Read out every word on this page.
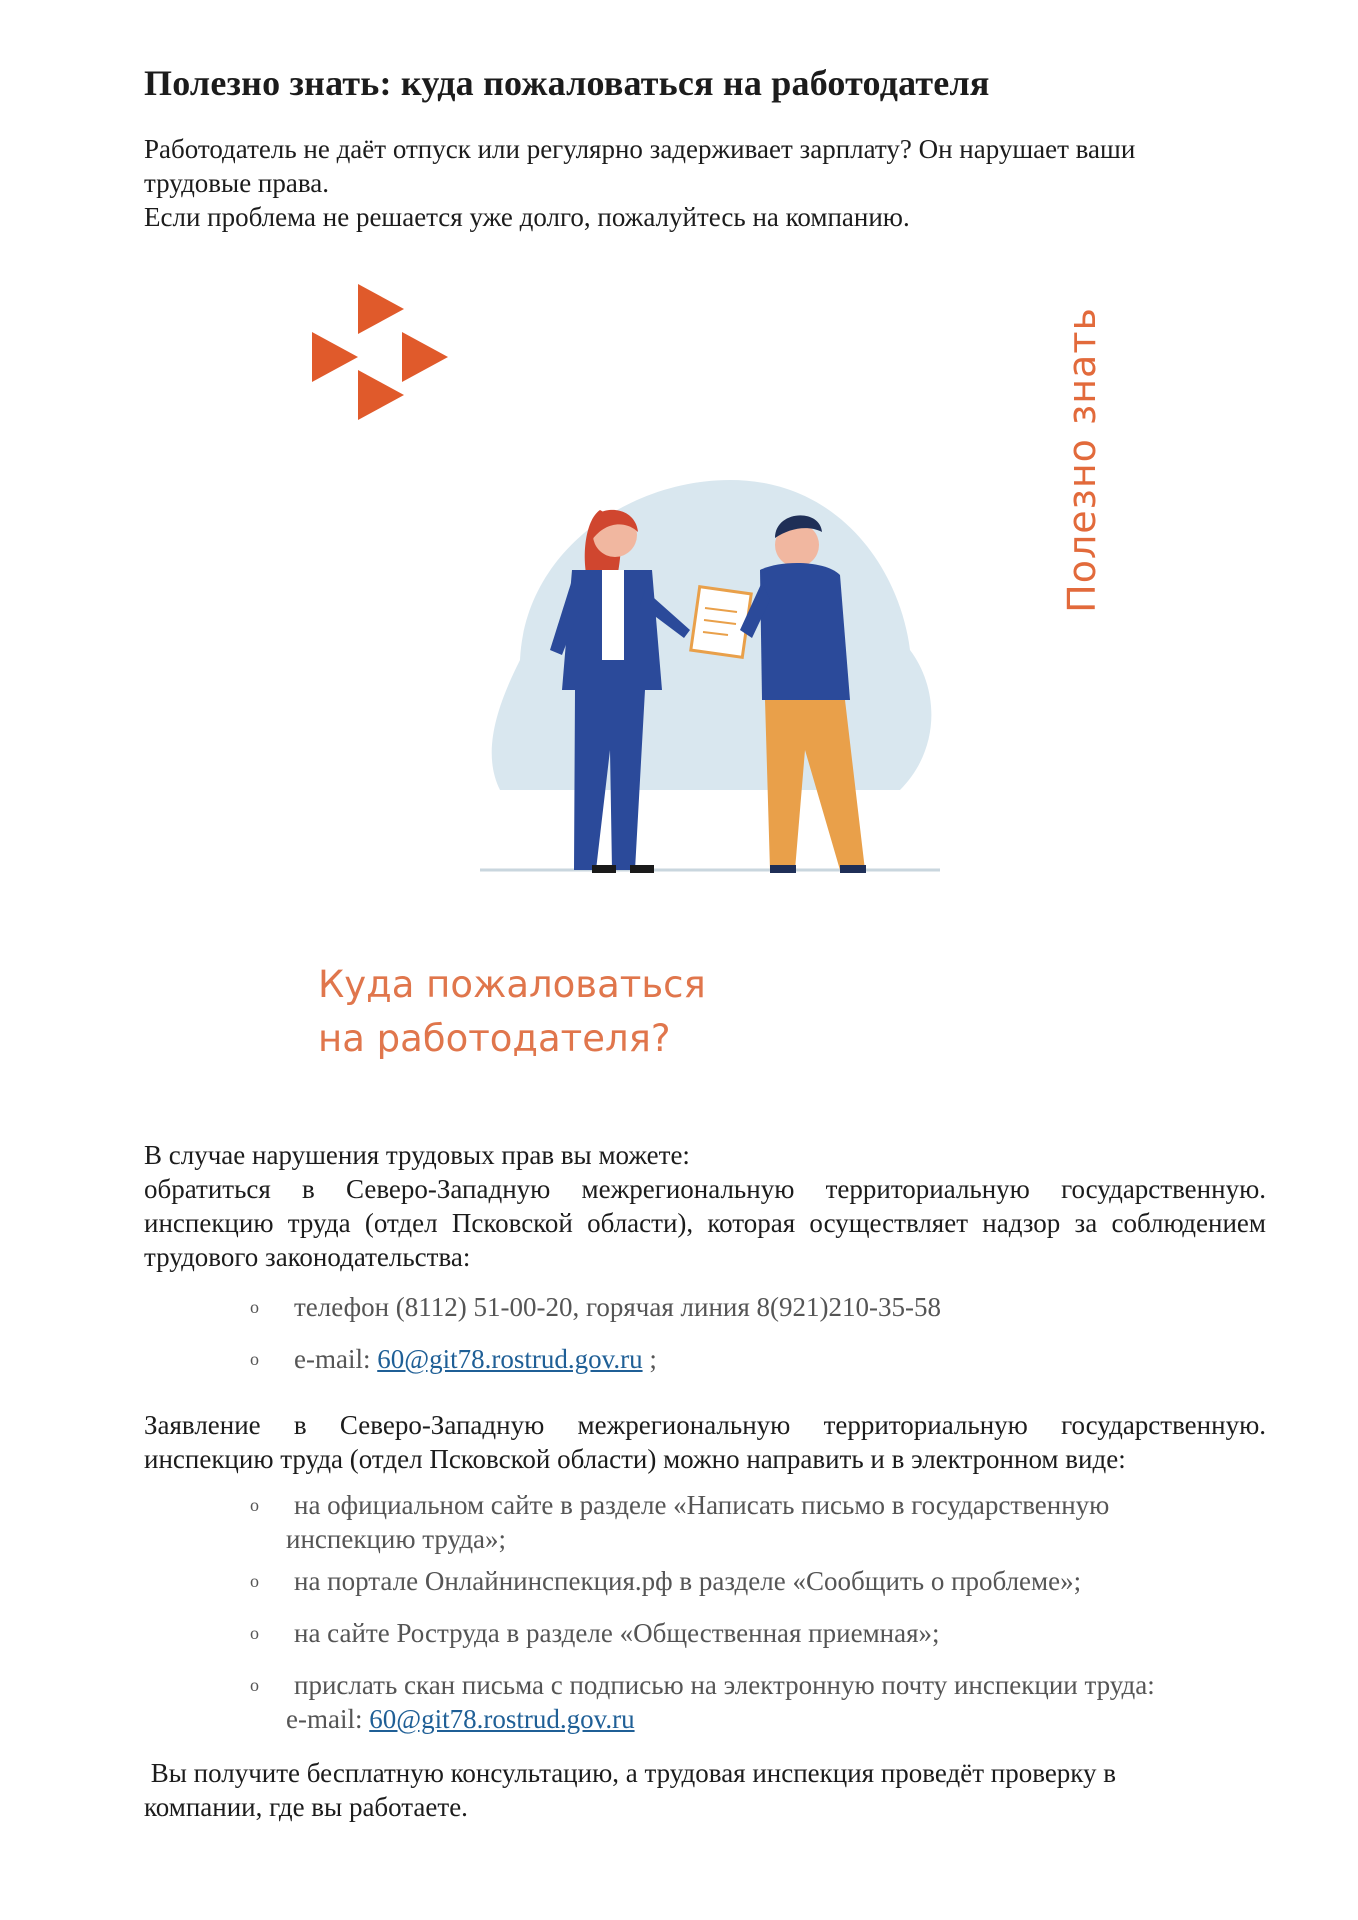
Полезно знать: куда пожаловаться на работодателя

Работодатель не даёт отпуск или регулярно задерживает зарплату? Он нарушает ваши

трудовые права.

Если проблема не решается уже долго, пожалуйтесь на компанию.

Полезно знать
Куда пожаловаться
на работодателя?

В случае нарушения трудовых прав вы можете:

обратиться в Северо-Западную межрегиональную территориальную государственную. инспекцию труда (отдел Псковской области), которая осуществляет надзор за соблюдением трудового законодательства:

o телефон (8112) 51-00-20, горячая линия 8(921)210-35-58
o e-mail: 60@git78.rostrud.gov.ru ;

Заявление в Северо-Западную межрегиональную территориальную государственную. инспекцию труда (отдел Псковской области) можно направить и в электронном виде:

o на официальном сайте в разделе «Написать письмо в государственную
инспекцию труда»;
o на портале Онлайнинспекция.рф в разделе «Сообщить о проблеме»;
o на сайте Роструда в разделе «Общественная приемная»;
o прислать скан письма с подписью на электронную почту инспекции труда:
e-mail: 60@git78.rostrud.gov.ru
Вы получите бесплатную консультацию, а трудовая инспекция проведёт проверку в
компании, где вы работаете.
